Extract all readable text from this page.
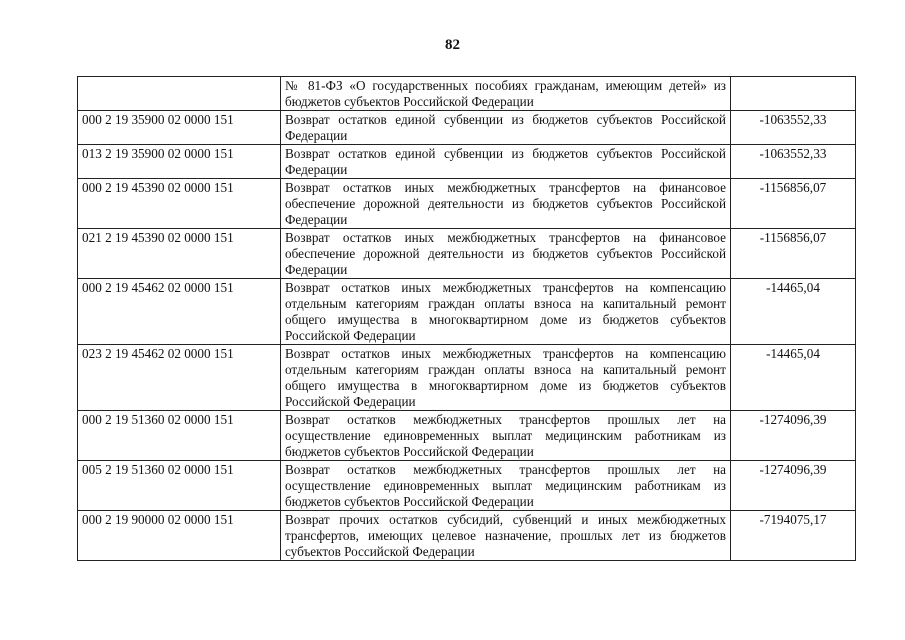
82
	№ 81-ФЗ «О государственных пособиях гражданам, имеющим детей» из бюджетов субъектов Российской Федерации	
000 2 19 35900 02 0000 151	Возврат остатков единой субвенции из бюджетов субъектов Российской Федерации	-1063552,33
013 2 19 35900 02 0000 151	Возврат остатков единой субвенции из бюджетов субъектов Российской Федерации	-1063552,33
000 2 19 45390 02 0000 151	Возврат остатков иных межбюджетных трансфертов на финансовое обеспечение дорожной деятельности из бюджетов субъектов Российской Федерации	-1156856,07
021 2 19 45390 02 0000 151	Возврат остатков иных межбюджетных трансфертов на финансовое обеспечение дорожной деятельности из бюджетов субъектов Российской Федерации	-1156856,07
000 2 19 45462 02 0000 151	Возврат остатков иных межбюджетных трансфертов на компенсацию отдельным категориям граждан оплаты взноса на капитальный ремонт общего имущества в многоквартирном доме из бюджетов субъектов Российской Федерации	-14465,04
023 2 19 45462 02 0000 151	Возврат остатков иных межбюджетных трансфертов на компенсацию отдельным категориям граждан оплаты взноса на капитальный ремонт общего имущества в многоквартирном доме из бюджетов субъектов Российской Федерации	-14465,04
000 2 19 51360 02 0000 151	Возврат остатков межбюджетных трансфертов прошлых лет на осуществление единовременных выплат медицинским работникам из бюджетов субъектов Российской Федерации	-1274096,39
005 2 19 51360 02 0000 151	Возврат остатков межбюджетных трансфертов прошлых лет на осуществление единовременных выплат медицинским работникам из бюджетов субъектов Российской Федерации	-1274096,39
000 2 19 90000 02 0000 151	Возврат прочих остатков субсидий, субвенций и иных межбюджетных трансфертов, имеющих целевое назначение, прошлых лет из бюджетов субъектов Российской Федерации	-7194075,17
